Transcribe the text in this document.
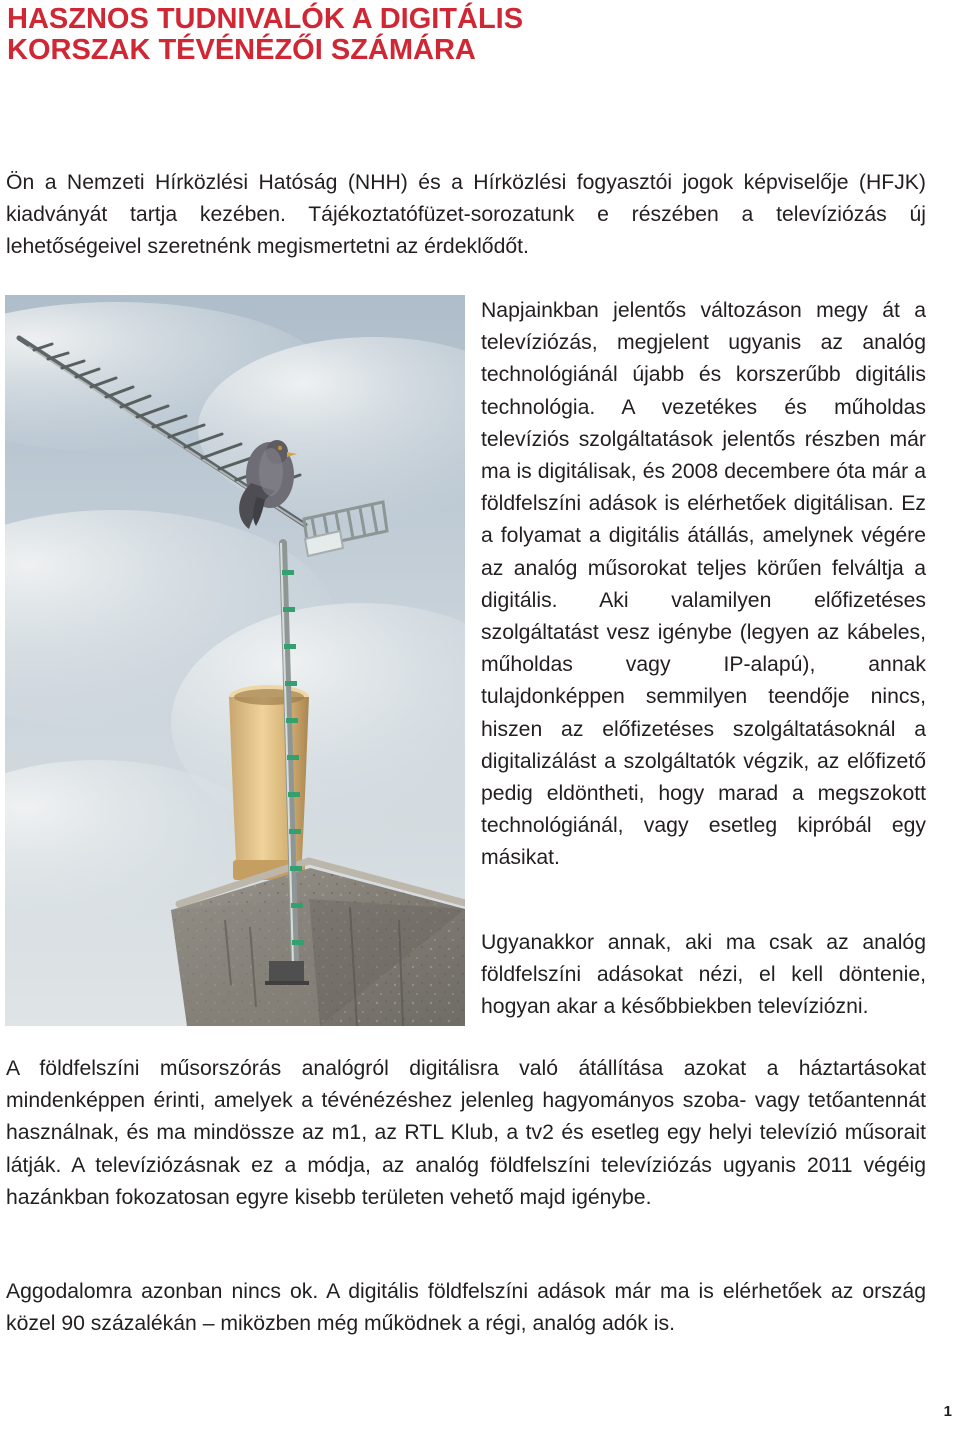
HASZNOS TUDNIVALÓK A DIGITÁLIS
KORSZAK TÉVÉNÉZŐI SZÁMÁRA

Ön a Nemzeti Hírközlési Hatóság (NHH) és a Hírközlési fogyasztói jogok képviselője (HFJK) kiadványát tartja kezében. Tájékoztatófüzet-sorozatunk e részében a televíziózás új lehetőségeivel szeretnénk megismertetni az érdeklődőt.

Napjainkban jelentős változáson megy át a televíziózás, megjelent ugyanis az analóg technológiánál újabb és korszerűbb digitális technológia. A vezetékes és műholdas televíziós szolgáltatások jelentős részben már ma is digitálisak, és 2008 decembere óta már a földfelszíni adások is elérhetőek digitálisan. Ez a folyamat a digitális átállás, amelynek végére az analóg műsorokat teljes körűen felváltja a digitális. Aki valamilyen előfizetéses szolgáltatást vesz igénybe (legyen az kábeles, műholdas vagy IP-alapú), annak tulajdonképpen semmilyen teendője nincs, hiszen az előfizetéses szolgáltatásoknál a digitalizálást a szolgáltatók végzik, az előfizető pedig eldöntheti, hogy marad a megszokott technológiánál, vagy esetleg kipróbál egy másikat.

Ugyanakkor annak, aki ma csak az analóg földfelszíni adásokat nézi, el kell döntenie, hogyan akar a későbbiekben televíziózni.

A földfelszíni műsorszórás analógról digitálisra való átállítása azokat a háztartásokat mindenképpen érinti, amelyek a tévénézéshez jelenleg hagyományos szoba- vagy tetőantennát használnak, és ma mindössze az m1, az RTL Klub, a tv2 és esetleg egy helyi televízió műsorait látják. A televíziózásnak ez a módja, az analóg földfelszíni televíziózás ugyanis 2011 végéig hazánkban fokozatosan egyre kisebb területen vehető majd igénybe.

Aggodalomra azonban nincs ok. A digitális földfelszíni adások már ma is elérhetőek az ország közel 90 százalékán – miközben még működnek a régi, analóg adók is.

1
